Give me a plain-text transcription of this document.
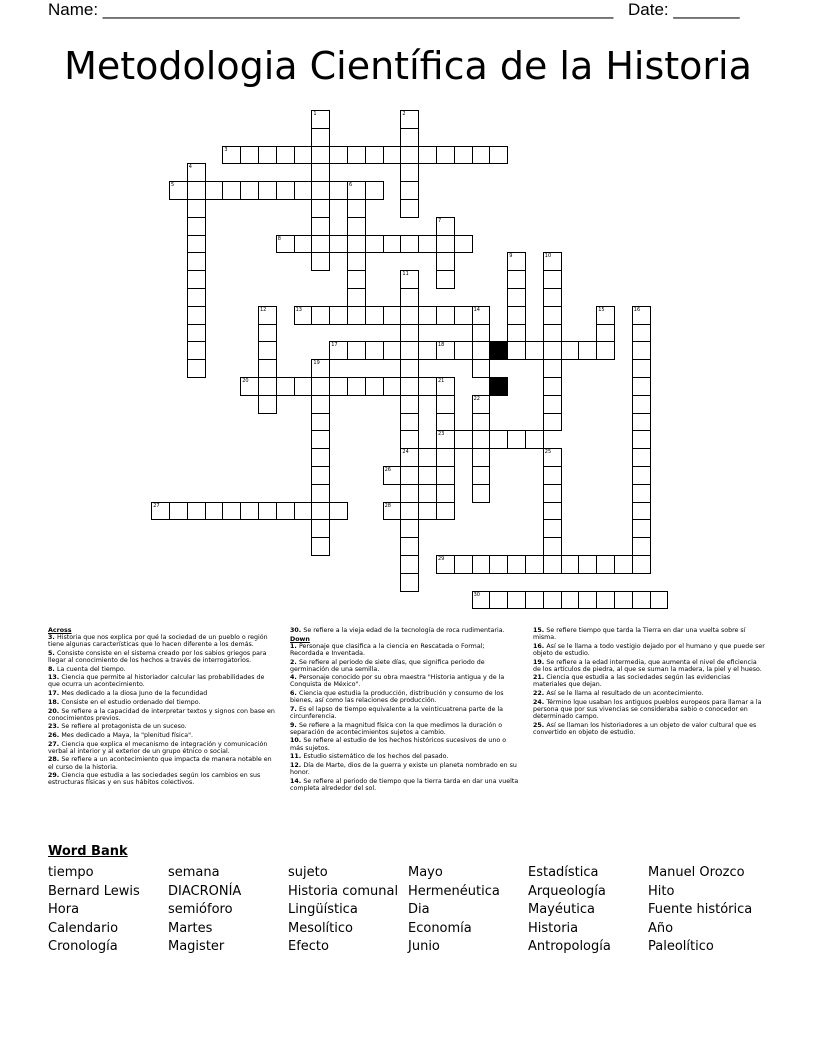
Name: ______________________________________________________ Date: _______
Metodologia Científica de la Historia
1	2
3
4
5	6
7
8
9	10
11
24
12	13	14	15	16
17	18
19
20	21
23
22
25
26
27	28
29
30
Across
3. Historia que nos explica por qué la sociedad de un pueblo o región tiene algunas características que lo hacen diferente a los demás.
5. Consiste consiste en el sistema creado por los sabios griegos para llegar al conocimiento de los hechos a través de interrogatorios.
8. La cuenta del tiempo.
13. Ciencia que permite al historiador calcular las probabilidades de que ocurra un acontecimiento.
17. Mes dedicado a la diosa Juno de la fecundidad
18. Consiste en el estudio ordenado del tiempo.
20. Se refiere a la capacidad de interpretar textos y signos con base en conocimientos previos.
23. Se refiere al protagonista de un suceso.
26. Mes dedicado a Maya, la "plenitud física".
27. Ciencia que explica el mecanismo de integración y comunicación verbal al interior y al exterior de un grupo étnico o social.
28. Se refiere a un acontecimiento que impacta de manera notable en el curso de la historia.
29. Ciencia que estudia a las sociedades según los cambios en sus estructuras físicas y en sus hábitos colectivos.
30. Se refiere a la vieja edad de la tecnología de roca rudimentaria.
Down
1. Personaje que clasifica a la ciencia en Rescatada o Formal; Recordada e Inventada.
2. Se refiere al periodo de siete días, que significa periodo de germinación de una semilla.
4. Personaje conocido por su obra maestra "Historia antigua y de la Conquista de México".
6. Ciencia que estudia la producción, distribución y consumo de los bienes, así como las relaciones de producción.
7. Es el lapso de tiempo equivalente a la veinticuatrena parte de la circunferencia.
9. Se refiere a la magnitud física con la que medimos la duración o separación de acontecimientos sujetos a cambio.
10. Se refiere al estudio de los hechos históricos sucesivos de uno o más sujetos.
11. Estudio sistemático de los hechos del pasado.
12. Día de Marte, dios de la guerra y existe un planeta nombrado en su honor.
14. Se refiere al periodo de tiempo que la tierra tarda en dar una vuelta completa alrededor del sol.
15. Se refiere tiempo que tarda la Tierra en dar una vuelta sobre sí misma.
16. Así se le llama a todo vestigio dejado por el humano y que puede ser objeto de estudio.
19. Se refiere a la edad intermedia, que aumenta el nivel de eficiencia de los artículos de piedra, al que se suman la madera, la piel y el hueso.
21. Ciencia que estudia a las sociedades según las evidencias materiales que dejan.
22. Así se le llama al resultado de un acontecimiento.
24. Término lque usaban los antiguos pueblos europeos para llamar a la persona que por sus vivencias se consideraba sabio o conocedor en determinado campo.
25. Así se llaman los historiadores a un objeto de valor cultural que es convertido en objeto de estudio.
Word Bank
tiempo
Bernard Lewis
Hora
Calendario
Cronología
semana
DIACRONÍA
semióforo
Martes
Magister
sujeto
Historia comunal
Lingüística
Mesolítico
Efecto
Mayo
Hermenéutica
Dia
Economía
Junio
Estadística
Arqueología
Mayéutica
Historia
Antropología
Manuel Orozco
Hito
Fuente histórica
Año
Paleolítico
